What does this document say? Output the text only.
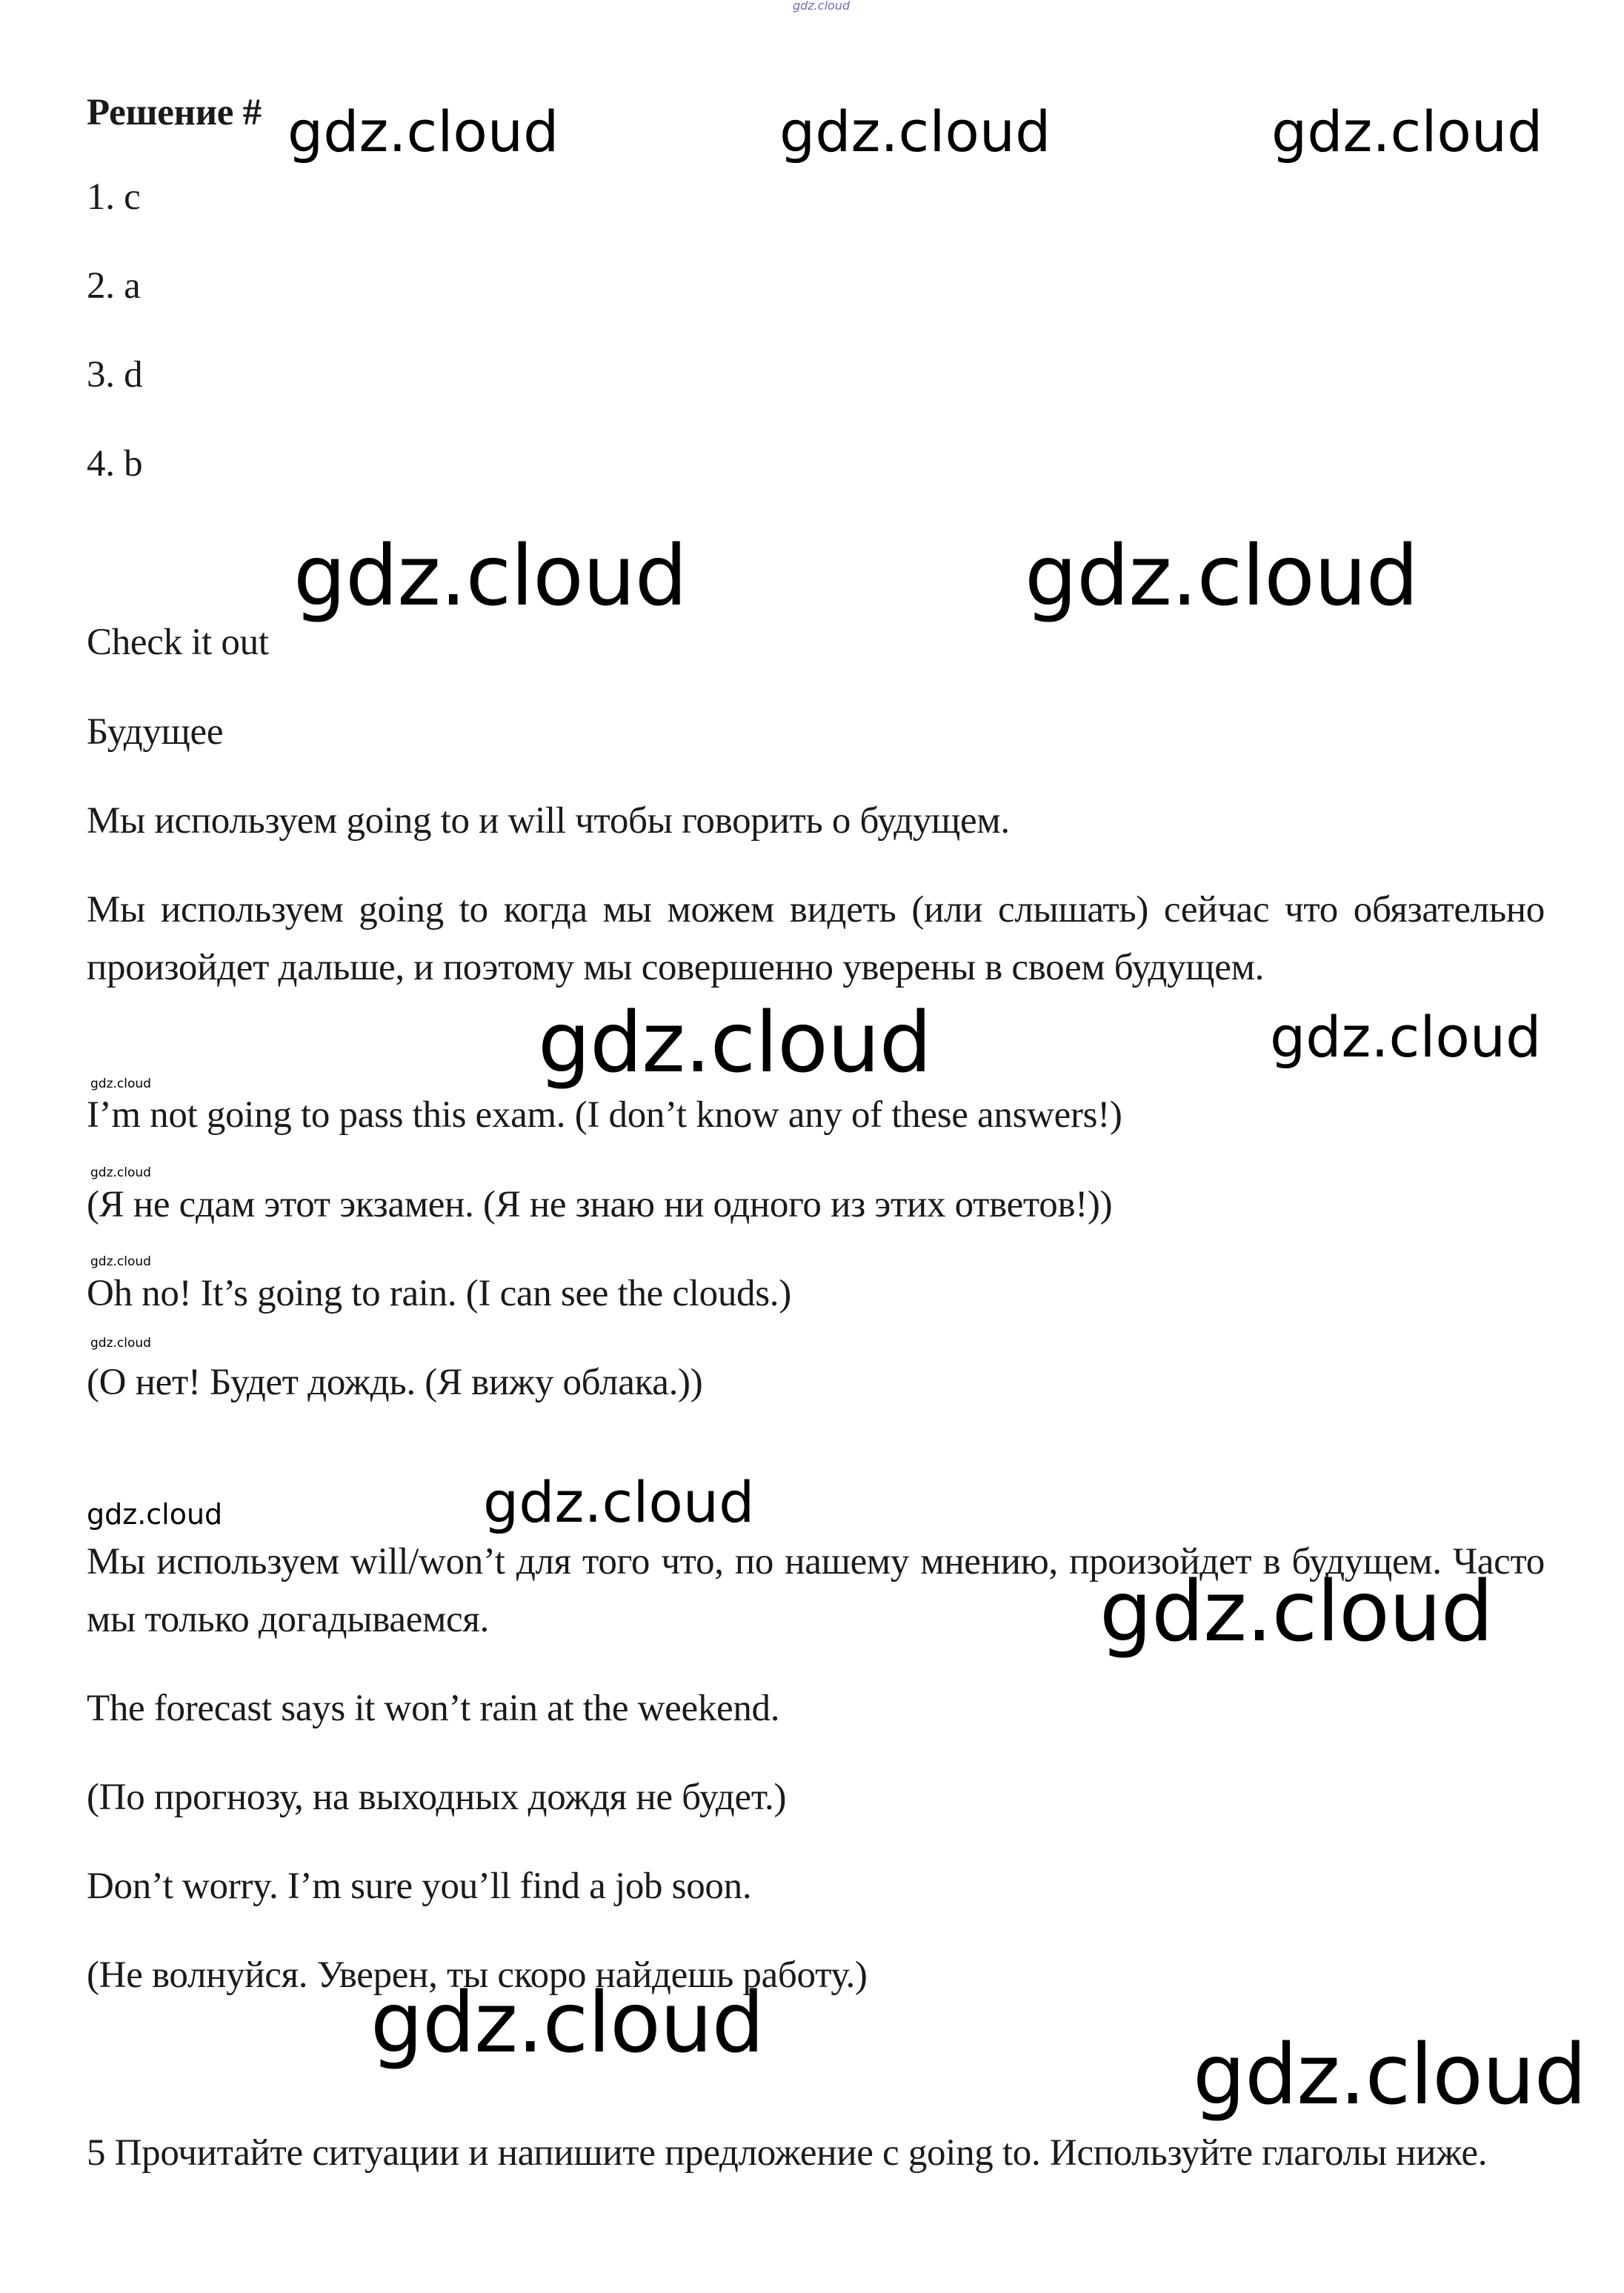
gdz.cloud

Решение #

1. c

2. a

3. d

4. b

Check it out

Будущее

Мы используем going to и will чтобы говорить о будущем.

Мы используем going to когда мы можем видеть (или слышать) сейчас что обязательно произойдет дальше, и поэтому мы совершенно уверены в своем будущем.

I’m not going to pass this exam. (I don’t know any of these answers!)

(Я не сдам этот экзамен. (Я не знаю ни одного из этих ответов!))

Oh no! It’s going to rain. (I can see the clouds.)

(О нет! Будет дождь. (Я вижу облака.))

Мы используем will/won’t для того что, по нашему мнению, произойдет в будущем. Часто мы только догадываемся.

The forecast says it won’t rain at the weekend.

(По прогнозу, на выходных дождя не будет.)

Don’t worry. I’m sure you’ll find a job soon.

(Не волнуйся. Уверен, ты скоро найдешь работу.)

5 Прочитайте ситуации и напишите предложение с going to. Используйте глаголы ниже.

gdz.cloud	gdz.cloud	gdz.cloud
gdz.cloud	gdz.cloud
gdz.cloud	gdz.cloud
gdz.cloud
gdz.cloud
gdz.cloud
gdz.cloud
gdz.cloud	gdz.cloud
gdz.cloud
gdz.cloud
gdz.cloud
